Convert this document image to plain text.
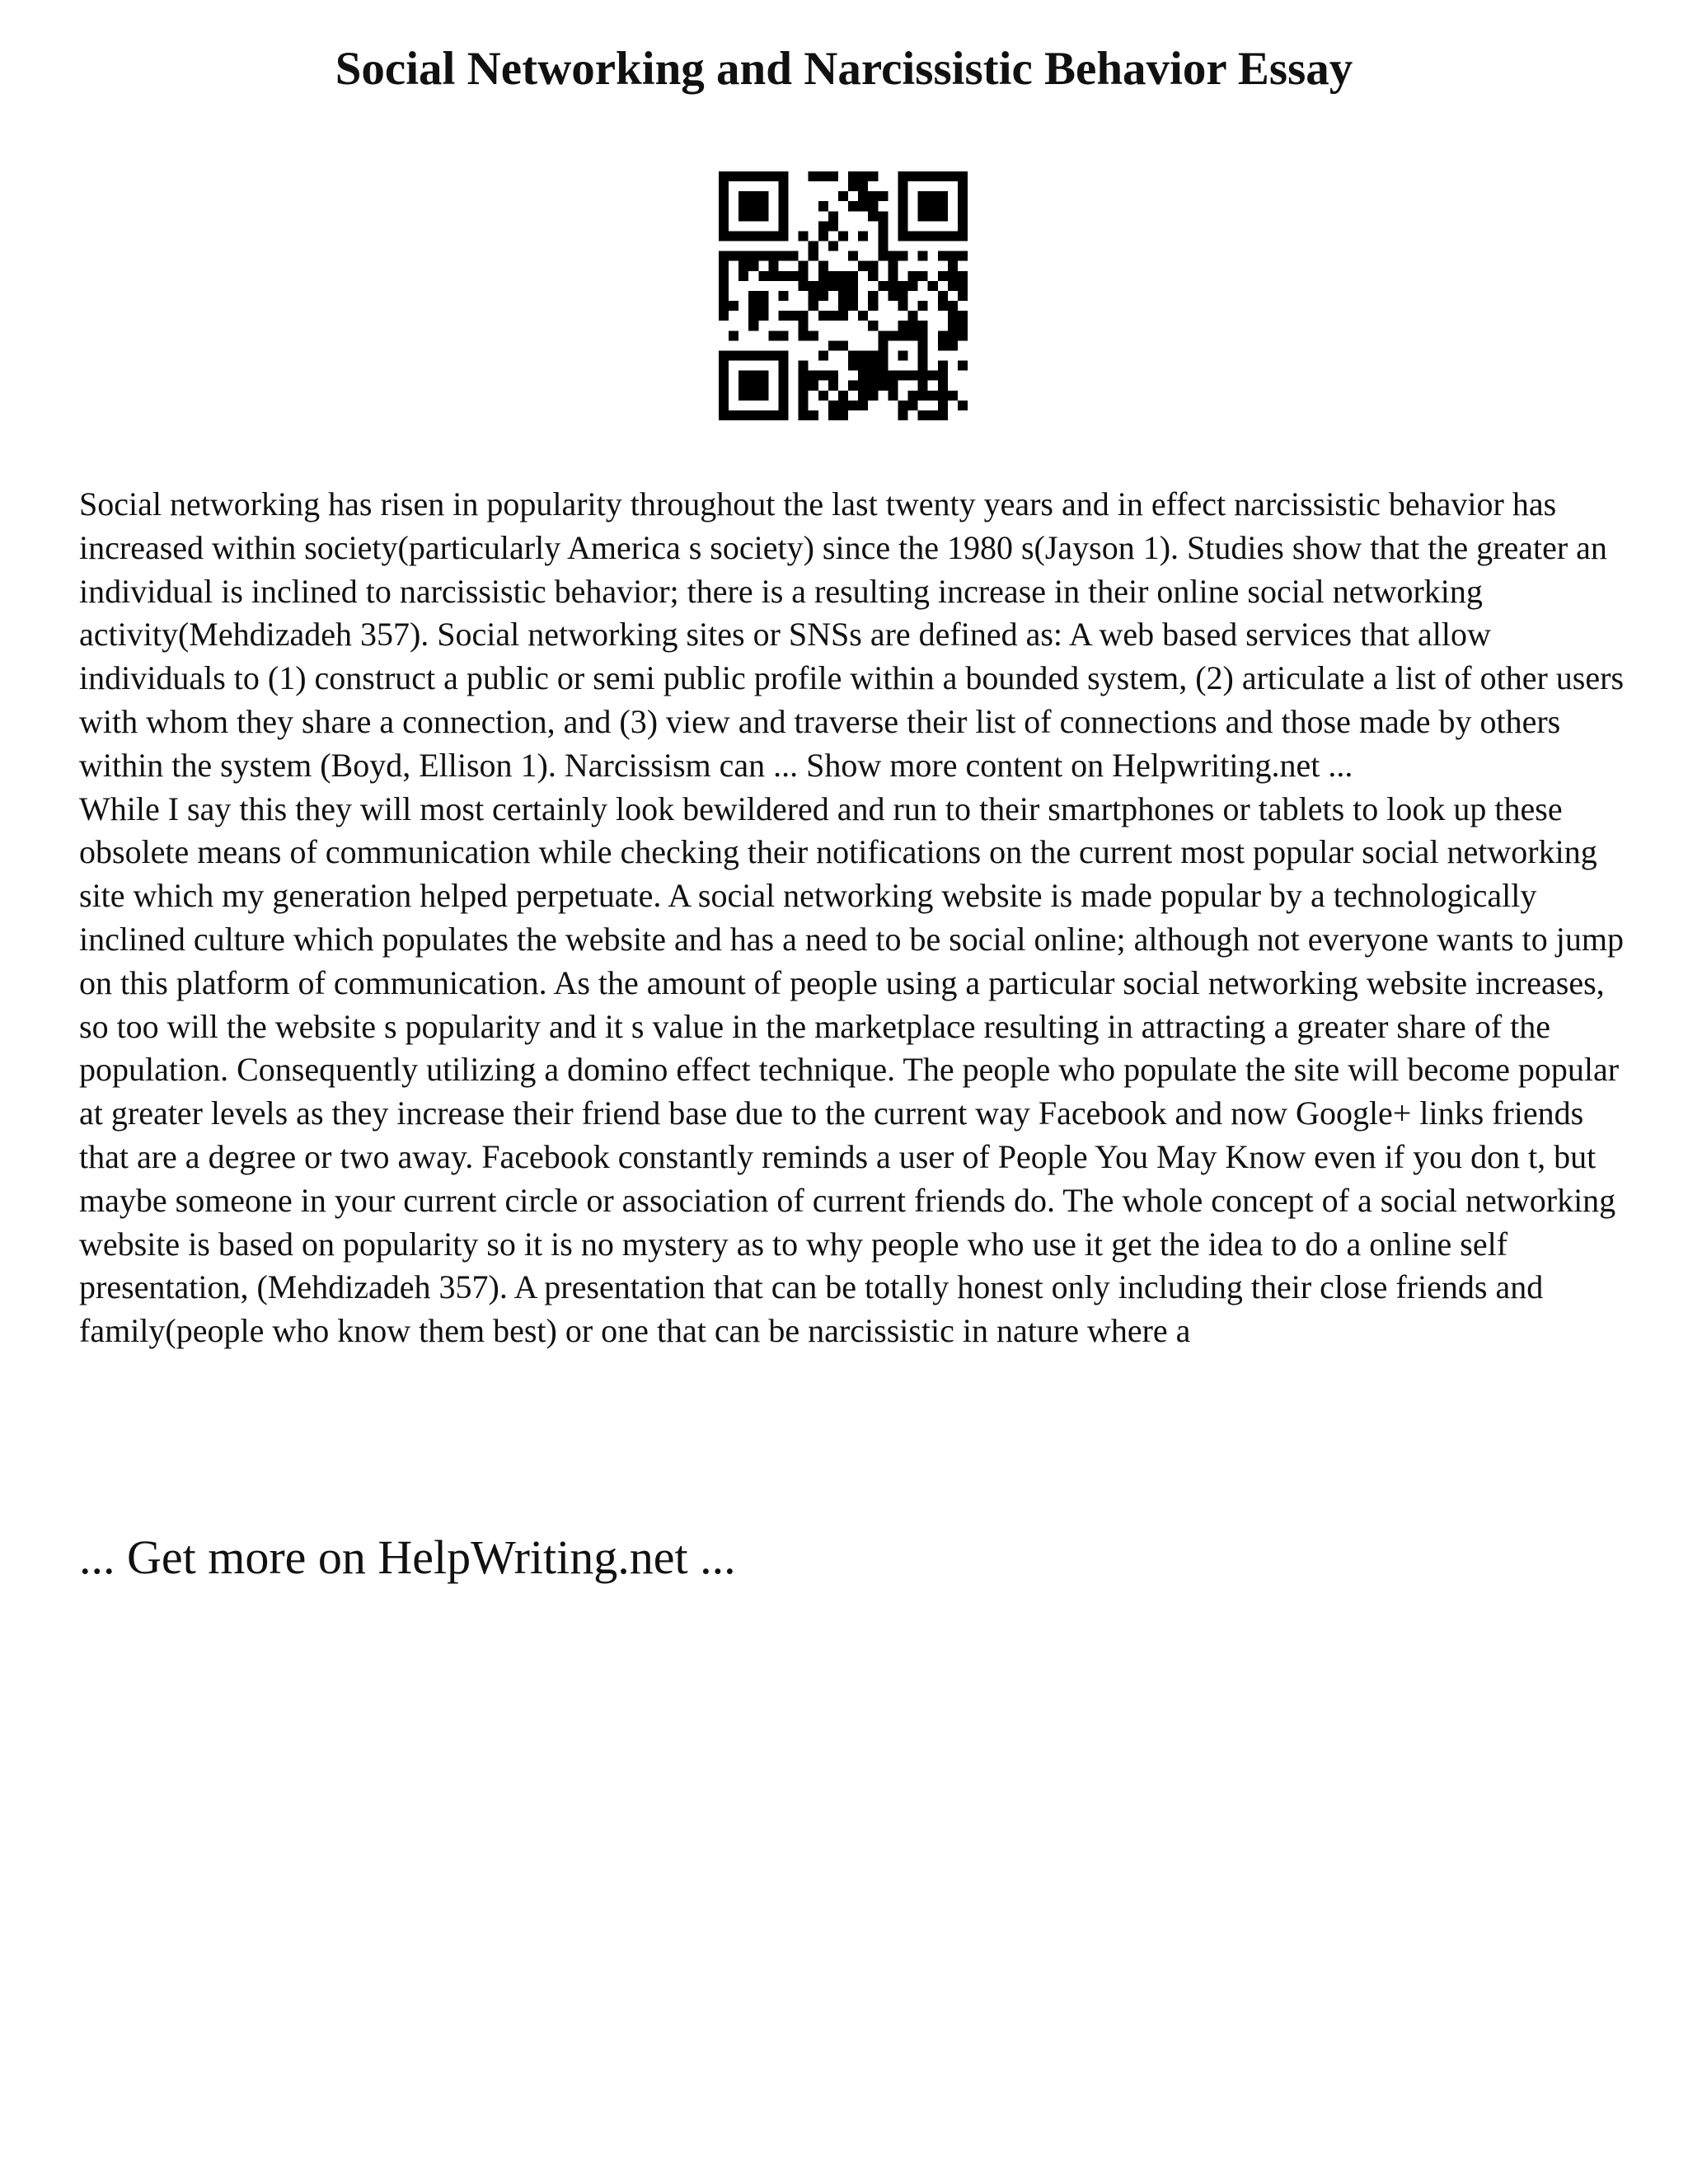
Social Networking and Narcissistic Behavior Essay

Social networking has risen in popularity throughout the last twenty years and in effect narcissistic behavior has increased within society(particularly America s society) since the 1980 s(Jayson 1). Studies show that the greater an individual is inclined to narcissistic behavior; there is a resulting increase in their online social networking activity(Mehdizadeh 357). Social networking sites or SNSs are defined as: A web based services that allow individuals to (1) construct a public or semi public profile within a bounded system, (2) articulate a list of other users with whom they share a connection, and (3) view and traverse their list of connections and those made by others within the system (Boyd, Ellison 1). Narcissism can ... Show more content on Helpwriting.net ...

While I say this they will most certainly look bewildered and run to their smartphones or tablets to look up these obsolete means of communication while checking their notifications on the current most popular social networking site which my generation helped perpetuate. A social networking website is made popular by a technologically inclined culture which populates the website and has a need to be social online; although not everyone wants to jump on this platform of communication. As the amount of people using a particular social networking website increases, so too will the website s popularity and it s value in the marketplace resulting in attracting a greater share of the population. Consequently utilizing a domino effect technique. The people who populate the site will become popular at greater levels as they increase their friend base due to the current way Facebook and now Google+ links friends that are a degree or two away. Facebook constantly reminds a user of People You May Know even if you don t, but maybe someone in your current circle or association of current friends do. The whole concept of a social networking website is based on popularity so it is no mystery as to why people who use it get the idea to do a online self presentation, (Mehdizadeh 357). A presentation that can be totally honest only including their close friends and family(people who know them best) or one that can be narcissistic in nature where a

... Get more on HelpWriting.net ...
